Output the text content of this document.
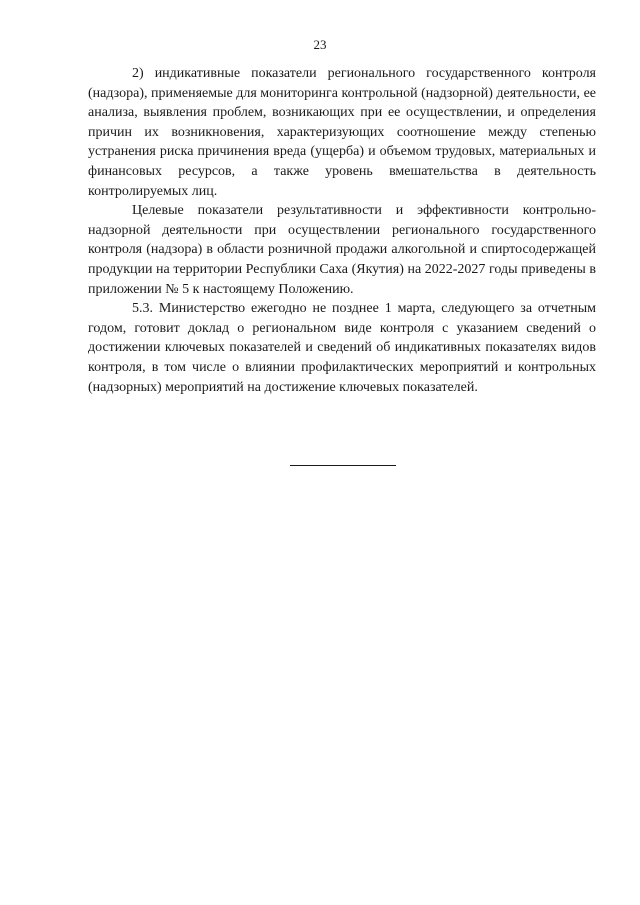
23

2) индикативные показатели регионального государственного контроля (надзора), применяемые для мониторинга контрольной (надзорной) деятельности, ее анализа, выявления проблем, возникающих при ее осуществлении, и определения причин их возникновения, характеризующих соотношение между степенью устранения риска причинения вреда (ущерба) и объемом трудовых, материальных и финансовых ресурсов, а также уровень вмешательства в деятельность контролируемых лиц.

Целевые показатели результативности и эффективности контрольно-надзорной деятельности при осуществлении регионального государственного контроля (надзора) в области розничной продажи алкогольной и спиртосодержащей продукции на территории Республики Саха (Якутия) на 2022-2027 годы приведены в приложении № 5 к настоящему Положению.

5.3. Министерство ежегодно не позднее 1 марта, следующего за отчетным годом, готовит доклад о региональном виде контроля с указанием сведений о достижении ключевых показателей и сведений об индикативных показателях видов контроля, в том числе о влиянии профилактических мероприятий и контрольных (надзорных) мероприятий на достижение ключевых показателей.
